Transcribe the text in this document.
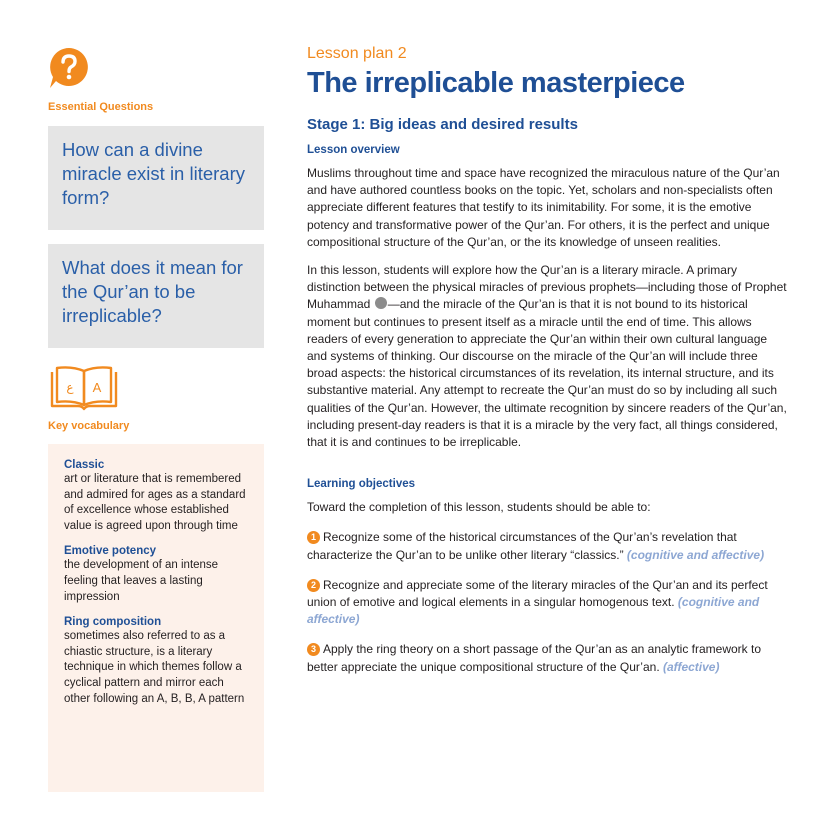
Essential Questions
How can a divine miracle exist in literary form?
What does it mean for the Qur’an to be irreplicable?
ع A
Key vocabulary
Classic
art or literature that is remembered and admired for ages as a standard of excellence whose established value is agreed upon through time
Emotive potency
the development of an intense feeling that leaves a lasting impression
Ring composition
sometimes also referred to as a chiastic structure, is a literary technique in which themes follow a cyclical pattern and mirror each other following an A, B, B, A pattern
Lesson plan 2
The irreplicable masterpiece
Stage 1: Big ideas and desired results
Lesson overview
Muslims throughout time and space have recognized the miraculous nature of the Qur’an and have authored countless books on the topic. Yet, scholars and non-specialists often appreciate different features that testify to its inimitability. For some, it is the emotive potency and transformative power of the Qur’an. For others, it is the perfect and unique compositional structure of the Qur’an, or the its knowledge of unseen realities.
In this lesson, students will explore how the Qur’an is a literary miracle. A primary distinction between the physical miracles of previous prophets—including those of Prophet Muhammad —and the miracle of the Qur’an is that it is not bound to its historical moment but continues to present itself as a miracle until the end of time. This allows readers of every generation to appreciate the Qur’an within their own cultural language and systems of thinking. Our discourse on the miracle of the Qur’an will include three broad aspects: the historical circumstances of its revelation, its internal structure, and its substantive material. Any attempt to recreate the Qur’an must do so by including all such qualities of the Qur’an. However, the ultimate recognition by sincere readers of the Qur’an, including present-day readers is that it is a miracle by the very fact, all things considered, that it is and continues to be irreplicable.
Learning objectives
Toward the completion of this lesson, students should be able to:
1 Recognize some of the historical circumstances of the Qur’an’s revelation that characterize the Qur’an to be unlike other literary “classics.” (cognitive and affective)
2 Recognize and appreciate some of the literary miracles of the Qur’an and its perfect union of emotive and logical elements in a singular homogenous text. (cognitive and affective)
3 Apply the ring theory on a short passage of the Qur’an as an analytic framework to better appreciate the unique compositional structure of the Qur’an. (affective)
